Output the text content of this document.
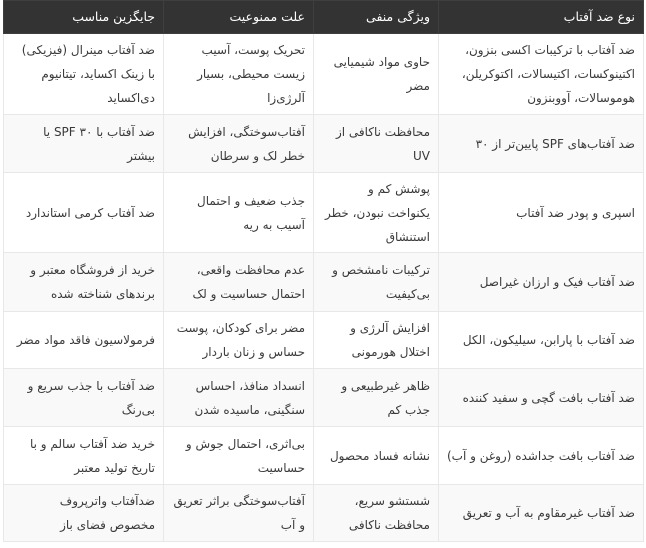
نوع ضد آفتاب	ویژگی منفی	علت ممنوعیت	جایگزین مناسب
ضد آفتاب با ترکیبات اکسی بنزون، اکتینوکسات، اکتیسالات، اکتوکریلن، هوموسالات، آووبنزون	حاوی مواد شیمیایی مضر	تحریک پوست، آسیب زیست محیطی، بسیار آلرژی‌زا	ضد آفتاب مینرال (فیزیکی) با زینک اکساید، تیتانیوم دی‌اکساید
ضد آفتاب‌های SPF پایین‌تر از ۳۰	محافظت ناکافی از UV	آفتاب‌سوختگی، افزایش خطر لک و سرطان	ضد آفتاب با ۳۰ SPF یا بیشتر
اسپری و پودر ضد آفتاب	پوشش کم و یکنواخت نبودن، خطر استنشاق	جذب ضعیف و احتمال آسیب به ریه	ضد آفتاب کرمی استاندارد
ضد آفتاب فیک و ارزان غیراصل	ترکیبات نامشخص و بی‌کیفیت	عدم محافظت واقعی، احتمال حساسیت و لک	خرید از فروشگاه معتبر و برندهای شناخته شده
ضد آفتاب با پارابن، سیلیکون، الکل	افزایش آلرژی و اختلال هورمونی	مضر برای کودکان، پوست حساس و زنان باردار	فرمولاسیون فاقد مواد مضر
ضد آفتاب بافت گچی و سفید کننده	ظاهر غیرطبیعی و جذب کم	انسداد منافذ، احساس سنگینی، ماسیده شدن	ضد آفتاب با جذب سریع و بی‌رنگ
ضد آفتاب بافت جداشده (روغن و آب)	نشانه فساد محصول	بی‌اثری، احتمال جوش و حساسیت	خرید ضد آفتاب سالم و با تاریخ تولید معتبر
ضد آفتاب غیرمقاوم به آب و تعریق	شستشو سریع، محافظت ناکافی	آفتاب‌سوختگی براثر تعریق و آب	ضدآفتاب واترپروف مخصوص فضای باز
